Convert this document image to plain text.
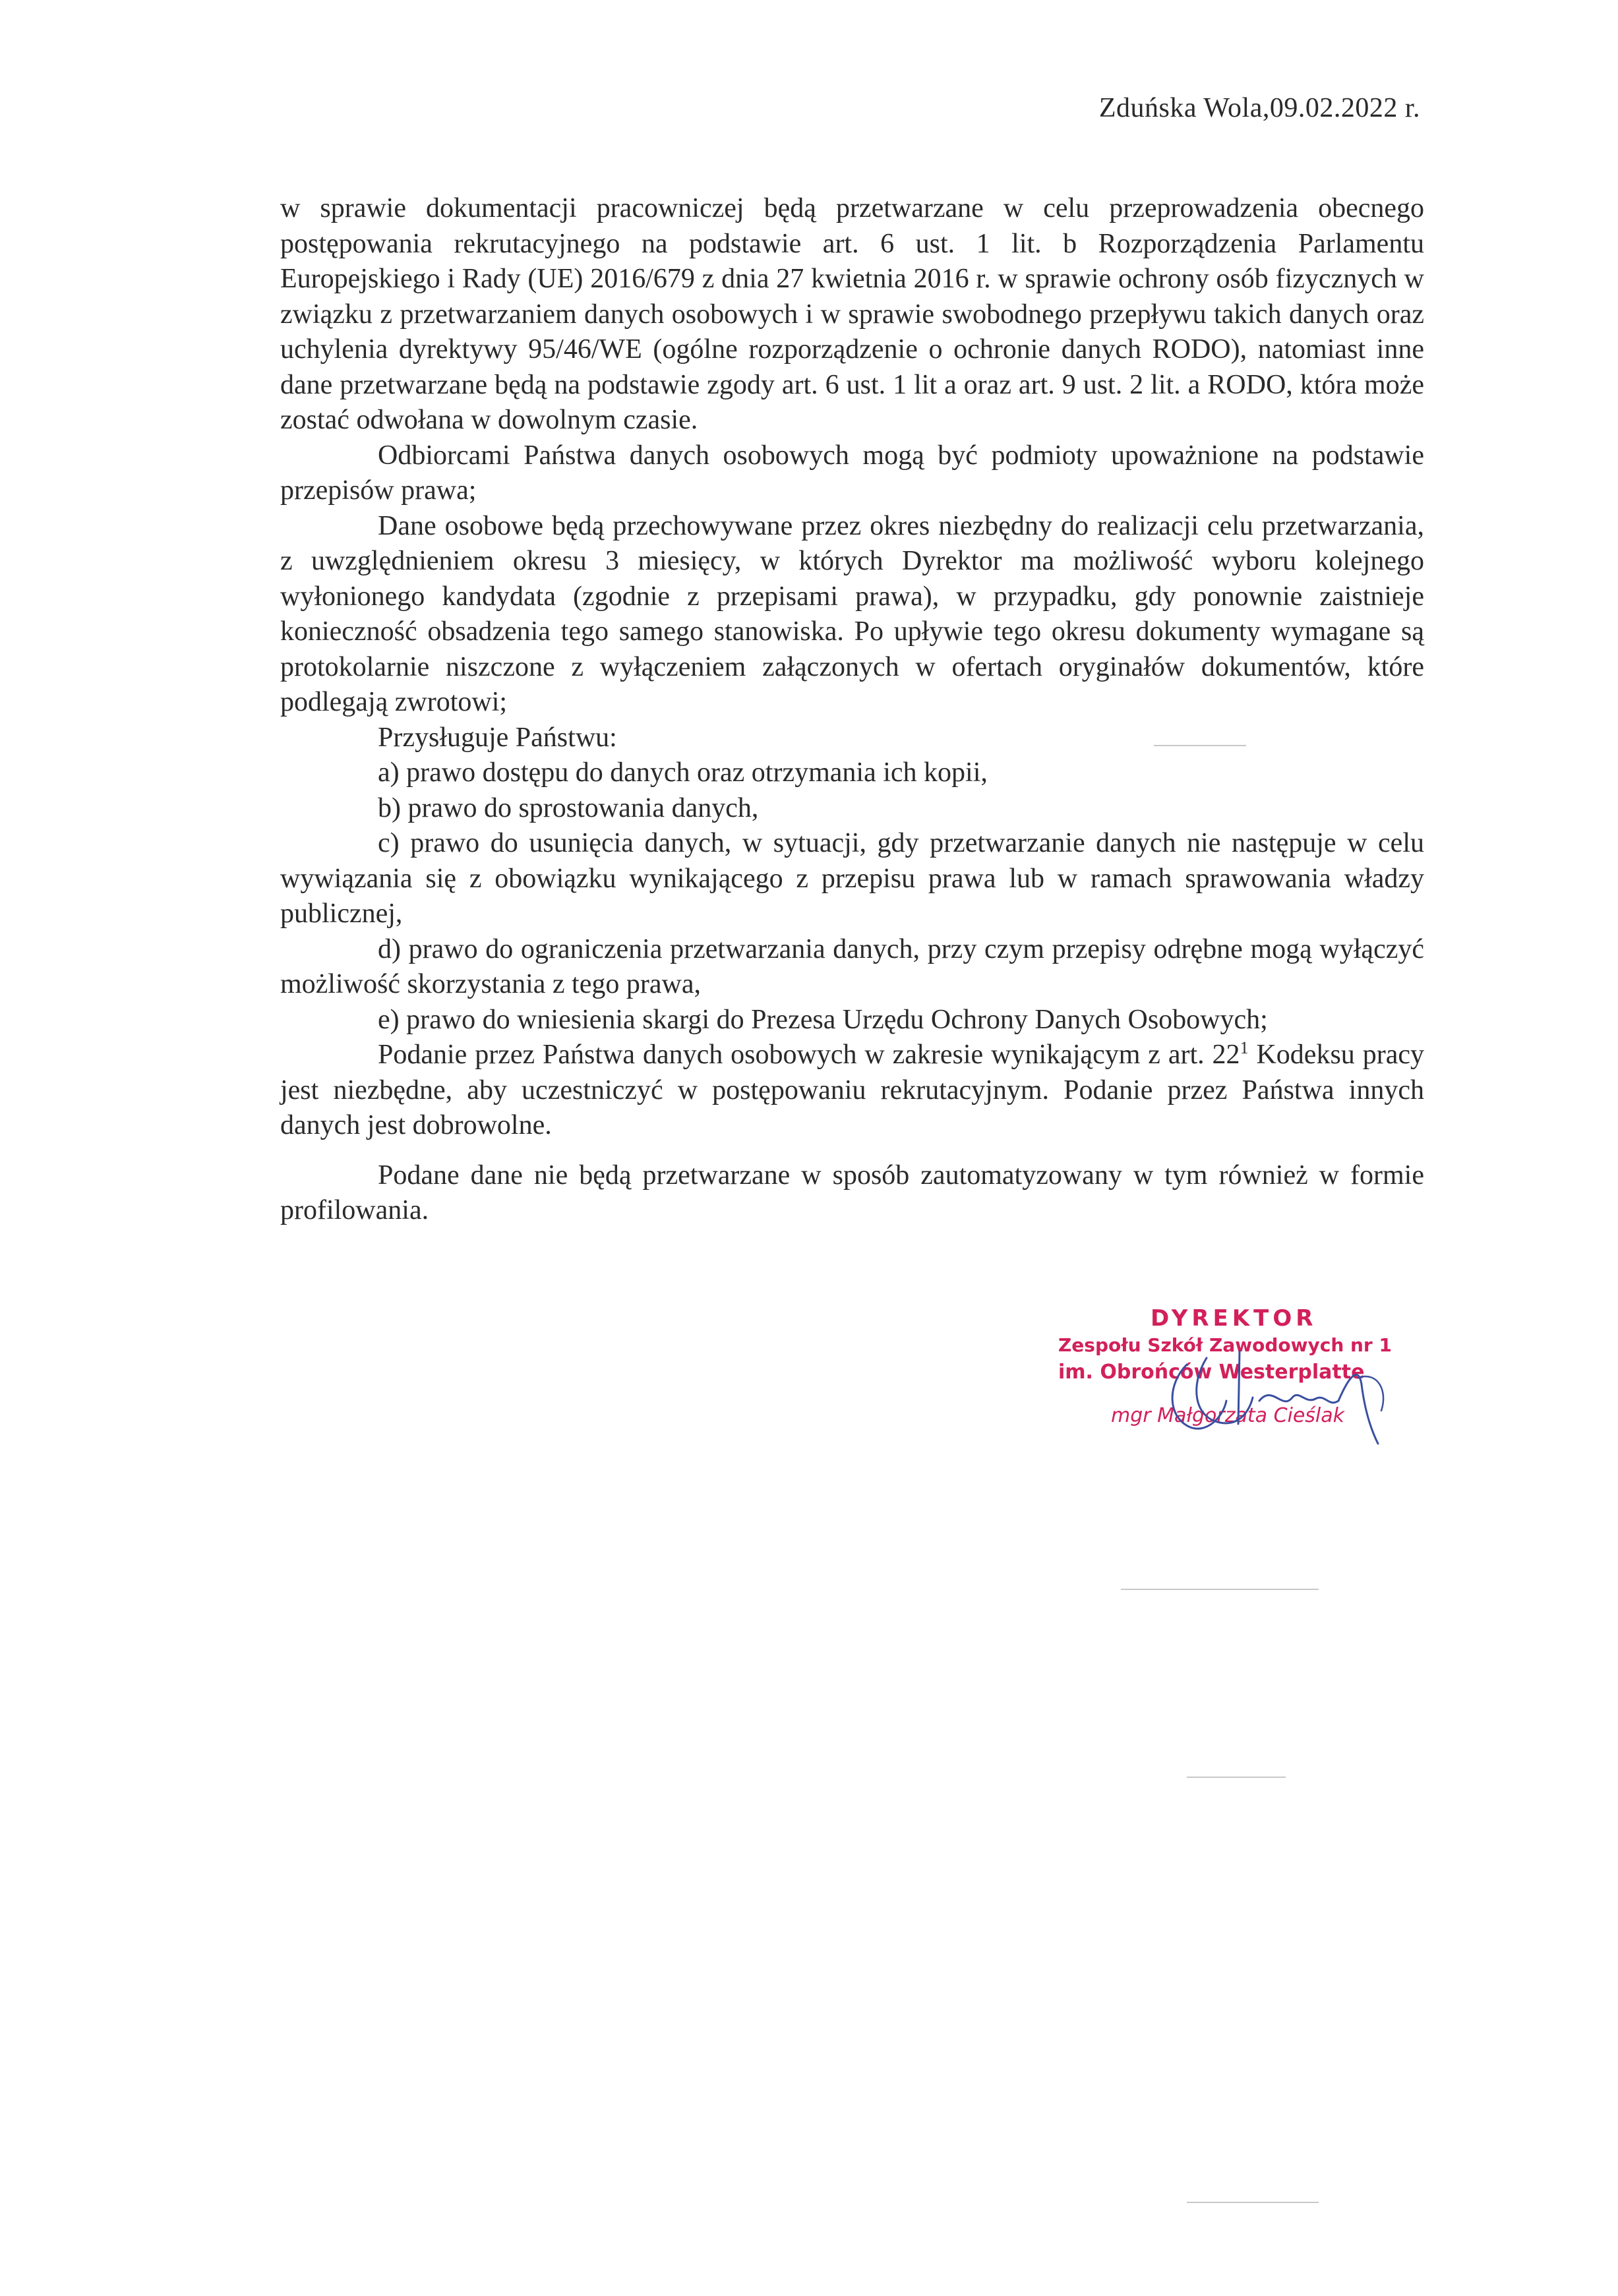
Zduńska Wola,09.02.2022 r.

w sprawie dokumentacji pracowniczej będą przetwarzane w celu przeprowadzenia obecnego postępowania rekrutacyjnego na podstawie art. 6 ust. 1 lit. b Rozporządzenia Parlamentu Europejskiego i Rady (UE) 2016/679 z dnia 27 kwietnia 2016 r. w sprawie ochrony osób fizycznych w związku z przetwarzaniem danych osobowych i w sprawie swobodnego przepływu takich danych oraz uchylenia dyrektywy 95/46/WE (ogólne rozporządzenie o ochronie danych RODO), natomiast inne dane przetwarzane będą na podstawie zgody art. 6 ust. 1 lit a oraz art. 9 ust. 2 lit. a RODO, która może zostać odwołana w dowolnym czasie.

Odbiorcami Państwa danych osobowych mogą być podmioty upoważnione na podstawie przepisów prawa;

Dane osobowe będą przechowywane przez okres niezbędny do realizacji celu przetwarzania, z uwzględnieniem okresu 3 miesięcy, w których Dyrektor ma możliwość wyboru kolejnego wyłonionego kandydata (zgodnie z przepisami prawa), w przypadku, gdy ponownie zaistnieje konieczność obsadzenia tego samego stanowiska. Po upływie tego okresu dokumenty wymagane są protokolarnie niszczone z wyłączeniem załączonych w ofertach oryginałów dokumentów, które podlegają zwrotowi;

Przysługuje Państwu:

a) prawo dostępu do danych oraz otrzymania ich kopii,

b) prawo do sprostowania danych,

c) prawo do usunięcia danych, w sytuacji, gdy przetwarzanie danych nie następuje w celu wywiązania się z obowiązku wynikającego z przepisu prawa lub w ramach sprawowania władzy publicznej,

d) prawo do ograniczenia przetwarzania danych, przy czym przepisy odrębne mogą wyłączyć możliwość skorzystania z tego prawa,

e) prawo do wniesienia skargi do Prezesa Urzędu Ochrony Danych Osobowych;

Podanie przez Państwa danych osobowych w zakresie wynikającym z art. $22^1$ Kodeksu pracy jest niezbędne, aby uczestniczyć w postępowaniu rekrutacyjnym. Podanie przez Państwa innych danych jest dobrowolne.

Podane dane nie będą przetwarzane w sposób zautomatyzowany w tym również w formie profilowania.

DYREKTOR
Zespołu Szkół Zawodowych nr 1
im. Obrońców Westerplatte
mgr Małgorzata Cieślak
